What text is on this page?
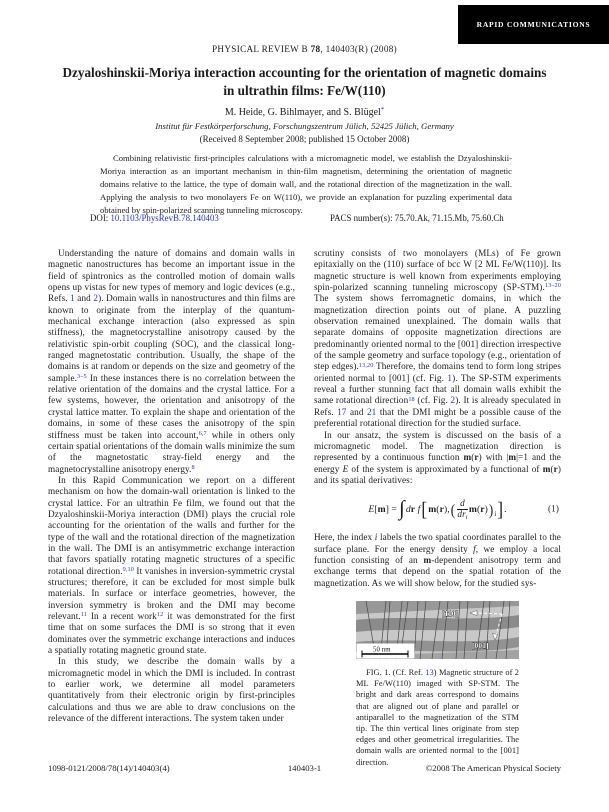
RAPID COMMUNICATIONS
PHYSICAL REVIEW B 78, 140403(R) (2008)
Dzyaloshinskii-Moriya interaction accounting for the orientation of magnetic domains
in ultrathin films: Fe/W(110)
M. Heide, G. Bihlmayer, and S. Blügel*
Institut für Festkörperforschung, Forschungszentrum Jülich, 52425 Jülich, Germany
(Received 8 September 2008; published 15 October 2008)
Combining relativistic first-principles calculations with a micromagnetic model, we establish the Dzyaloshinskii-Moriya interaction as an important mechanism in thin-film magnetism, determining the orientation of magnetic domains relative to the lattice, the type of domain wall, and the rotational direction of the magnetization in the wall. Applying the analysis to two monolayers Fe on W(110), we provide an explanation for puzzling experimental data obtained by spin-polarized scanning tunneling microscopy.
DOI: 10.1103/PhysRevB.78.140403	PACS number(s): 75.70.Ak, 71.15.Mb, 75.60.Ch

Understanding the nature of domains and domain walls in magnetic nanostructures has become an important issue in the field of spintronics as the controlled motion of domain walls opens up vistas for new types of memory and logic devices (e.g., Refs. 1 and 2). Domain walls in nanostructures and thin films are known to originate from the interplay of the quantum-mechanical exchange interaction (also expressed as spin stiffness), the magnetocrystalline anisotropy caused by the relativistic spin-orbit coupling (SOC), and the classical long-ranged magnetostatic contribution. Usually, the shape of the domains is at random or depends on the size and geometry of the sample.$^{3-5}$ In these instances there is no correlation between the relative orientation of the domains and the crystal lattice. For a few systems, however, the orientation and anisotropy of the crystal lattice matter. To explain the shape and orientation of the domains, in some of these cases the anisotropy of the spin stiffness must be taken into account,$^{6,7}$ while in others only certain spatial orientations of the domain walls minimize the sum of the magnetostatic stray-field energy and the magnetocrystalline anisotropy energy.$^8$

In this Rapid Communication we report on a different mechanism on how the domain-wall orientation is linked to the crystal lattice. For an ultrathin Fe film, we found out that the Dzyaloshinskii-Moriya interaction (DMI) plays the crucial role accounting for the orientation of the walls and further for the type of the wall and the rotational direction of the magnetization in the wall. The DMI is an antisymmetric exchange interaction that favors spatially rotating magnetic structures of a specific rotational direction.$^{9,10}$ It vanishes in inversion-symmetric crystal structures; therefore, it can be excluded for most simple bulk materials. In surface or interface geometries, however, the inversion symmetry is broken and the DMI may become relevant.$^{11}$ In a recent work$^{12}$ it was demonstrated for the first time that on some surfaces the DMI is so strong that it even dominates over the symmetric exchange interactions and induces a spatially rotating magnetic ground state.

In this study, we describe the domain walls by a micromagnetic model in which the DMI is included. In contrast to earlier work, we determine all model parameters quantitatively from their electronic origin by first-principles calculations and thus we are able to draw conclusions on the relevance of the different interactions. The system taken under

scrutiny consists of two monolayers (MLs) of Fe grown epitaxially on the (110) surface of bcc W [2 ML Fe/W(110)]. Its magnetic structure is well known from experiments employing spin-polarized scanning tunneling microscopy (SP-STM).$^{13-20}$ The system shows ferromagnetic domains, in which the magnetization direction points out of plane. A puzzling observation remained unexplained. The domain walls that separate domains of opposite magnetization directions are predominantly oriented normal to the [001] direction irrespective of the sample geometry and surface topology (e.g., orientation of step edges).$^{13,20}$ Therefore, the domains tend to form long stripes oriented normal to [001] (cf. Fig. 1). The SP-STM experiments reveal a further stunning fact that all domain walls exhibit the same rotational direction$^{18}$ (cf. Fig. 2). It is already speculated in Refs. 17 and 21 that the DMI might be a possible cause of the preferential rotational direction for the studied surface.

In our ansatz, the system is discussed on the basis of a micromagnetic model. The magnetization direction is represented by a continuous function m(r) with |m|=1 and the energy E of the system is approximated by a functional of m(r) and its spatial derivatives:

E[m] = ∫ dr f [ m(r), ( $\frac{d}{dr_i} m(r)$ ) i ] .	(1)

Here, the index i labels the two spatial coordinates parallel to the surface plane. For the energy density f, we employ a local function consisting of an m-dependent anisotropy term and exchange terms that depend on the spatial rotation of the magnetization. As we will show below, for the studied sys-

[1̄10]
[001]
50 nm
FIG. 1. (Cf. Ref. 13) Magnetic structure of 2 ML Fe/W(110) imaged with SP-STM. The bright and dark areas correspond to domains that are aligned out of plane and parallel or antiparallel to the magnetization of the STM tip. The thin vertical lines originate from step edges and other geometrical irregularities. The domain walls are oriented normal to the [001] direction.
1098-0121/2008/78(14)/140403(4)	140403-1	©2008 The American Physical Society
